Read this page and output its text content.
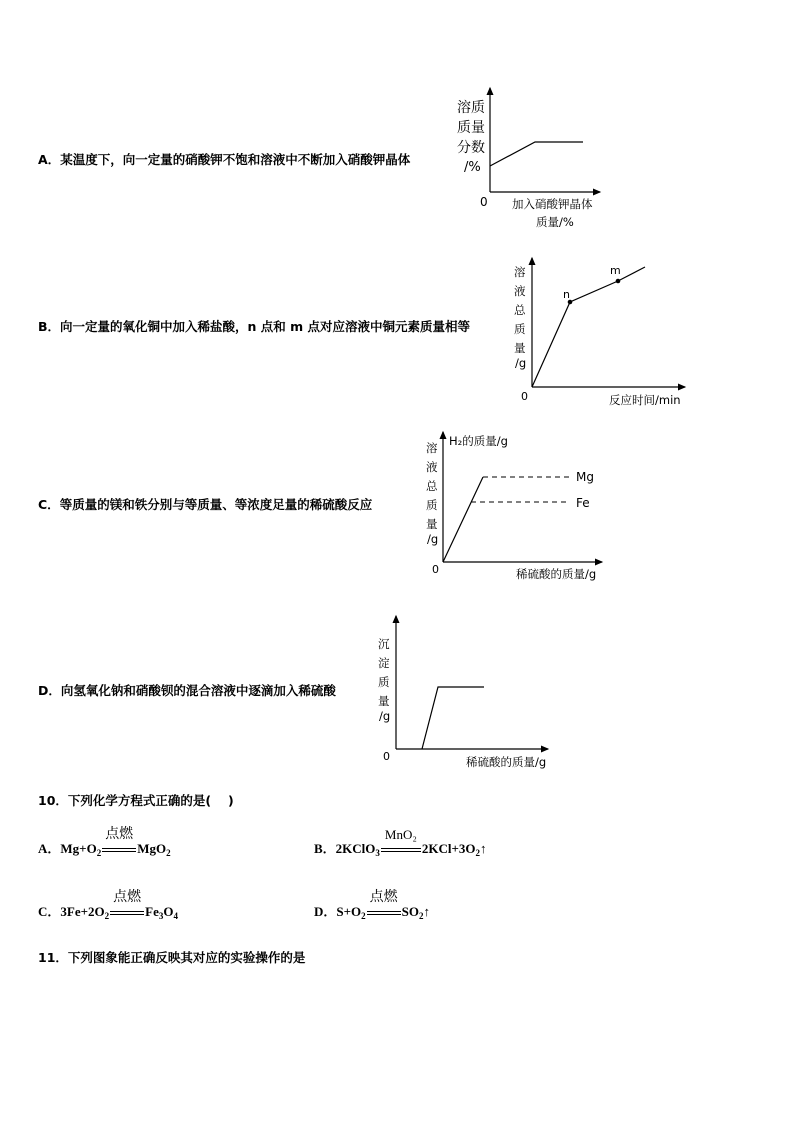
A．某温度下，向一定量的硝酸钾不饱和溶液中不断加入硝酸钾晶体
溶质
质量
分数
/%
0 加入硝酸钾晶体
质量/%
B．向一定量的氧化铜中加入稀盐酸，n 点和 m 点对应溶液中铜元素质量相等
n
m
溶
液
总
质
量
/g
0	反应时间/min
C．等质量的镁和铁分别与等质量、等浓度足量的稀硫酸反应
H₂的质量/g
溶
液
总
质
量
/g
0
Mg
Fe
稀硫酸的质量/g
D．向氢氧化钠和硝酸钡的混合溶液中逐滴加入稀硫酸
沉
淀
质
量
/g
0	稀硫酸的质量/g
10．下列化学方程式正确的是(　 )
A．$Mg+O_2$
点燃
MgO$_2$	B．2KClO$_3$
MnO₂
$2KCl+3O_2↑$
C．$3Fe+2O_2$
点燃
$Fe_3O_4$	D．$S+O_2$
点燃
$SO_2↑$
11．下列图象能正确反映其对应的实验操作的是
